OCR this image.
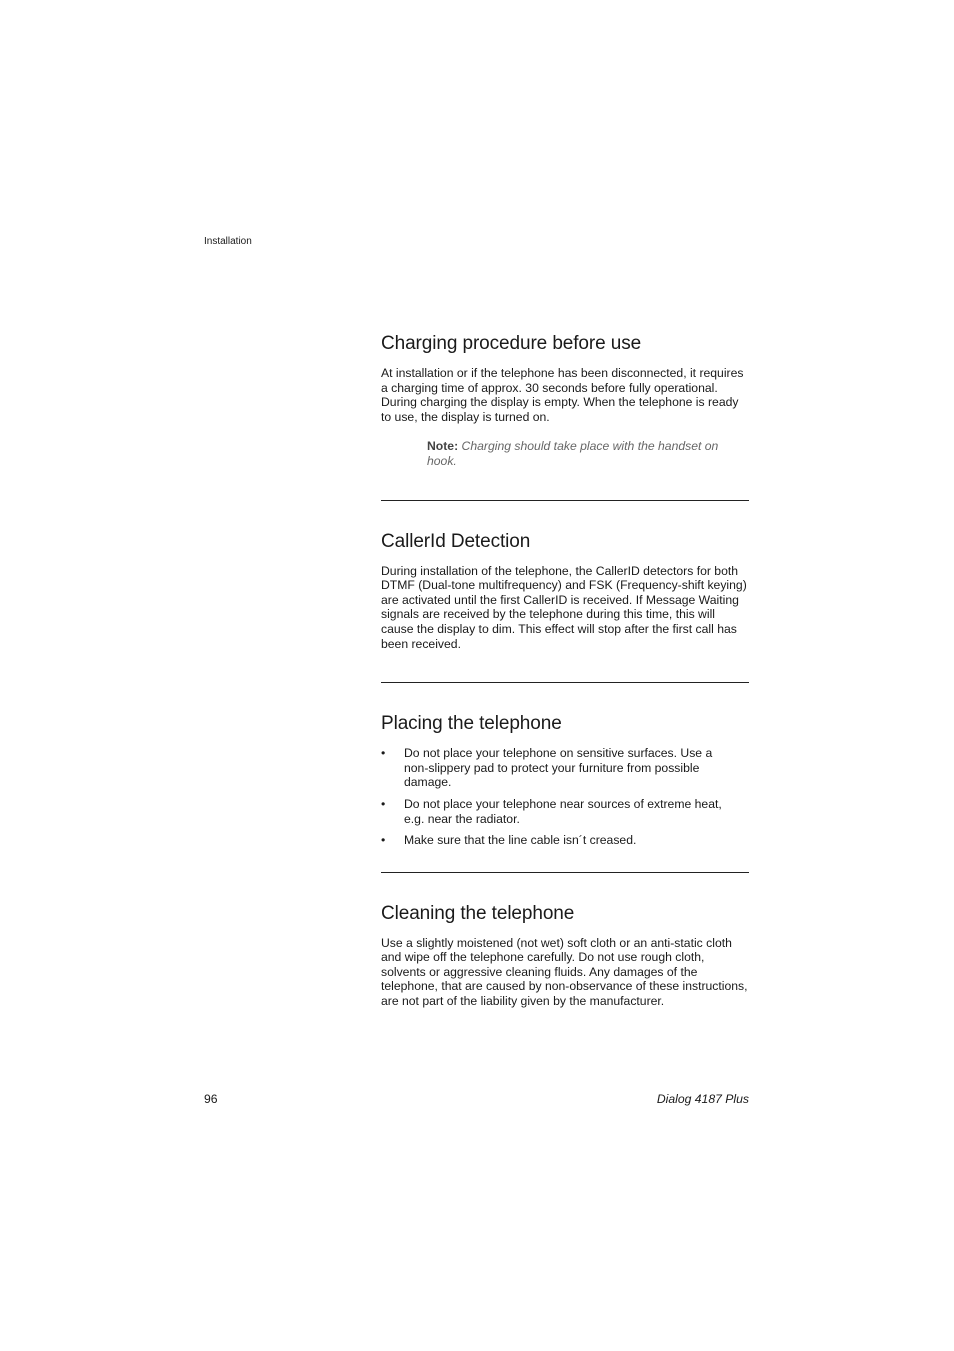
Installation
Charging procedure before use

At installation or if the telephone has been disconnected, it requires a charging time of approx. 30 seconds before fully operational. During charging the display is empty. When the telephone is ready to use, the display is turned on.

Note: Charging should take place with the handset on hook.
CallerId Detection

During installation of the telephone, the CallerID detectors for both DTMF (Dual-tone multifrequency) and FSK (Frequency-shift keying) are activated until the first CallerID is received. If Message Waiting signals are received by the telephone during this time, this will cause the display to dim. This effect will stop after the first call has been received.

Placing the telephone
• Do not place your telephone on sensitive surfaces. Use a non-slippery pad to protect your furniture from possible damage.
• Do not place your telephone near sources of extreme heat, e.g. near the radiator.
• Make sure that the line cable isn´t creased.
Cleaning the telephone

Use a slightly moistened (not wet) soft cloth or an anti-static cloth and wipe off the telephone carefully. Do not use rough cloth, solvents or aggressive cleaning fluids. Any damages of the telephone, that are caused by non-observance of these instructions, are not part of the liability given by the manufacturer.

96	Dialog 4187 Plus
